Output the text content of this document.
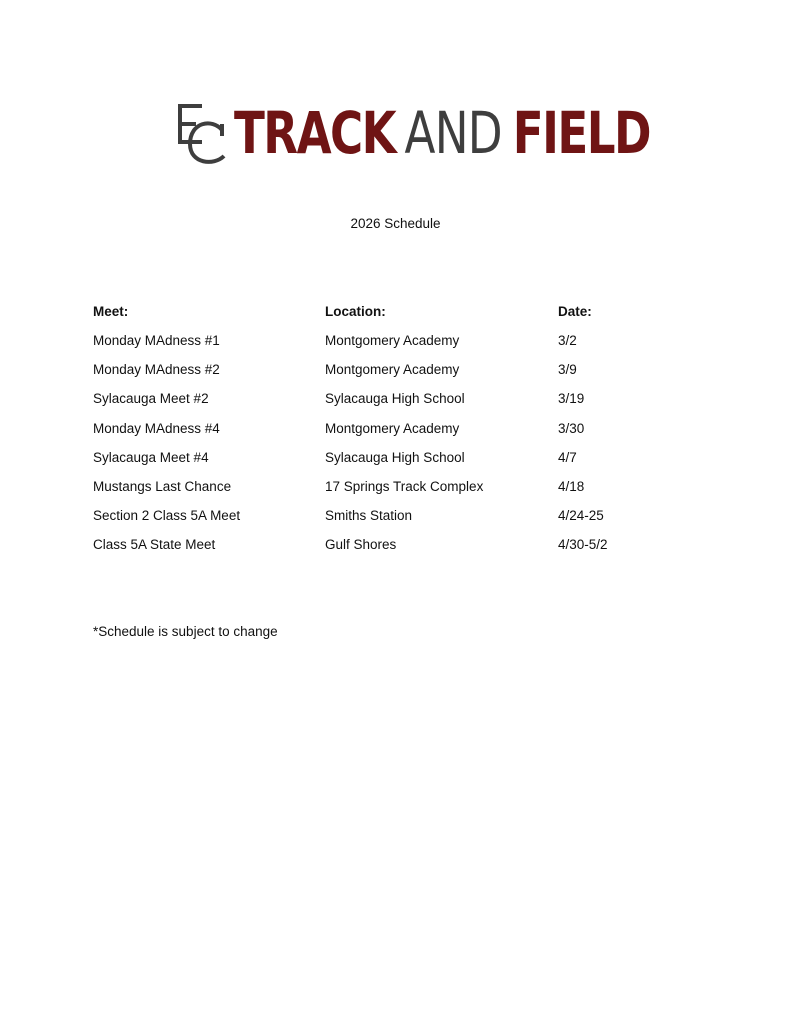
TRACK AND FIELD
2026 Schedule
Meet:	Location:	Date:
Monday MAdness #1	Montgomery Academy	3/2
Monday MAdness #2	Montgomery Academy	3/9
Sylacauga Meet #2	Sylacauga High School	3/19
Monday MAdness #4	Montgomery Academy	3/30
Sylacauga Meet #4	Sylacauga High School	4/7
Mustangs Last Chance	17 Springs Track Complex	4/18
Section 2 Class 5A Meet	Smiths Station	4/24-25
Class 5A State Meet	Gulf Shores	4/30-5/2
*Schedule is subject to change
